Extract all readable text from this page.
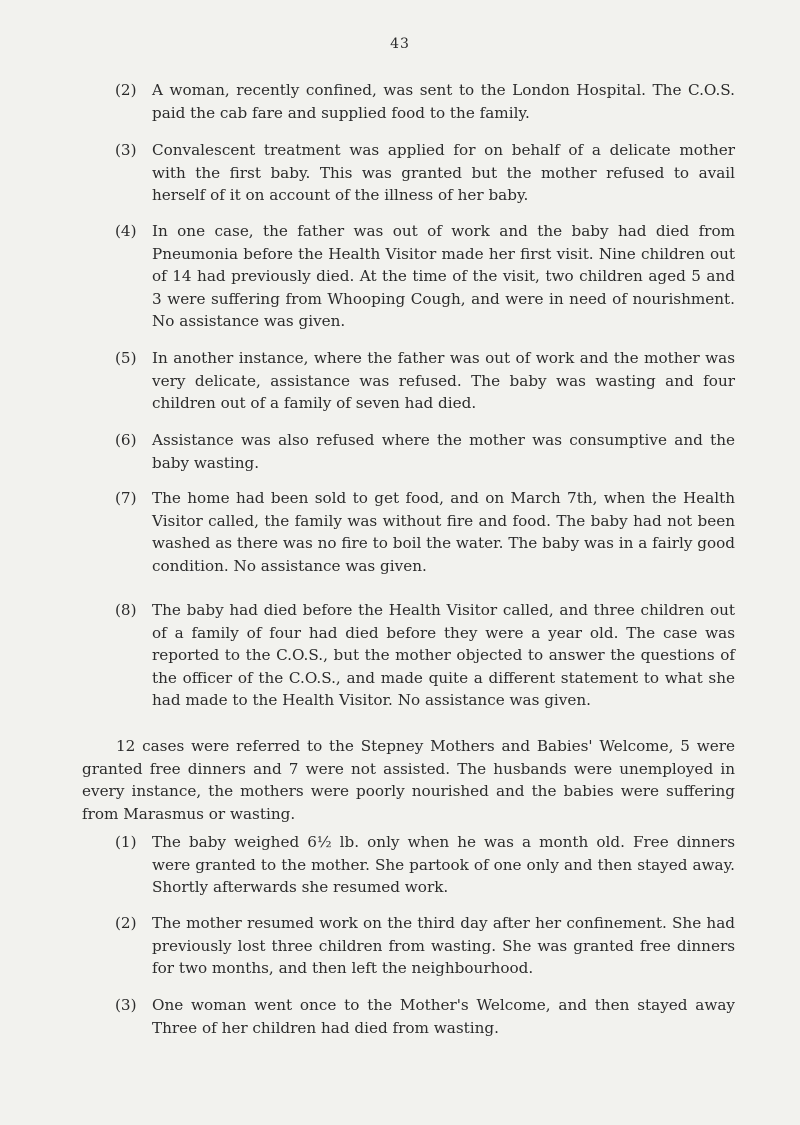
43
(2)	A woman, recently confined, was sent to the London Hospital. The C.O.S. paid the cab fare and supplied food to the family.
(3)	Convalescent treatment was applied for on behalf of a delicate mother with the first baby. This was granted but the mother refused to avail herself of it on account of the illness of her baby.
(4)	In one case, the father was out of work and the baby had died from Pneumonia before the Health Visitor made her first visit. Nine children out of 14 had previously died. At the time of the visit, two children aged 5 and 3 were suffering from Whooping Cough, and were in need of nourishment. No assistance was given.
(5)	In another instance, where the father was out of work and the mother was very delicate, assistance was refused. The baby was wasting and four children out of a family of seven had died.
(6)	Assistance was also refused where the mother was consumptive and the baby wasting.
(7)	The home had been sold to get food, and on March 7th, when the Health Visitor called, the family was without fire and food. The baby had not been washed as there was no fire to boil the water. The baby was in a fairly good condition. No assistance was given.
(8)	The baby had died before the Health Visitor called, and three children out of a family of four had died before they were a year old. The case was reported to the C.O.S., but the mother objected to answer the questions of the officer of the C.O.S., and made quite a different statement to what she had made to the Health Visitor. No assistance was given.
12 cases were referred to the Stepney Mothers and Babies' Welcome, 5 were granted free dinners and 7 were not assisted. The husbands were unemployed in every instance, the mothers were poorly nourished and the babies were suffering from Marasmus or wasting.
(1)	The baby weighed 6½ lb. only when he was a month old. Free dinners were granted to the mother. She partook of one only and then stayed away. Shortly afterwards she resumed work.
(2)	The mother resumed work on the third day after her confinement. She had previously lost three children from wasting. She was granted free dinners for two months, and then left the neighbourhood.
(3)	One woman went once to the Mother's Welcome, and then stayed away Three of her children had died from wasting.
